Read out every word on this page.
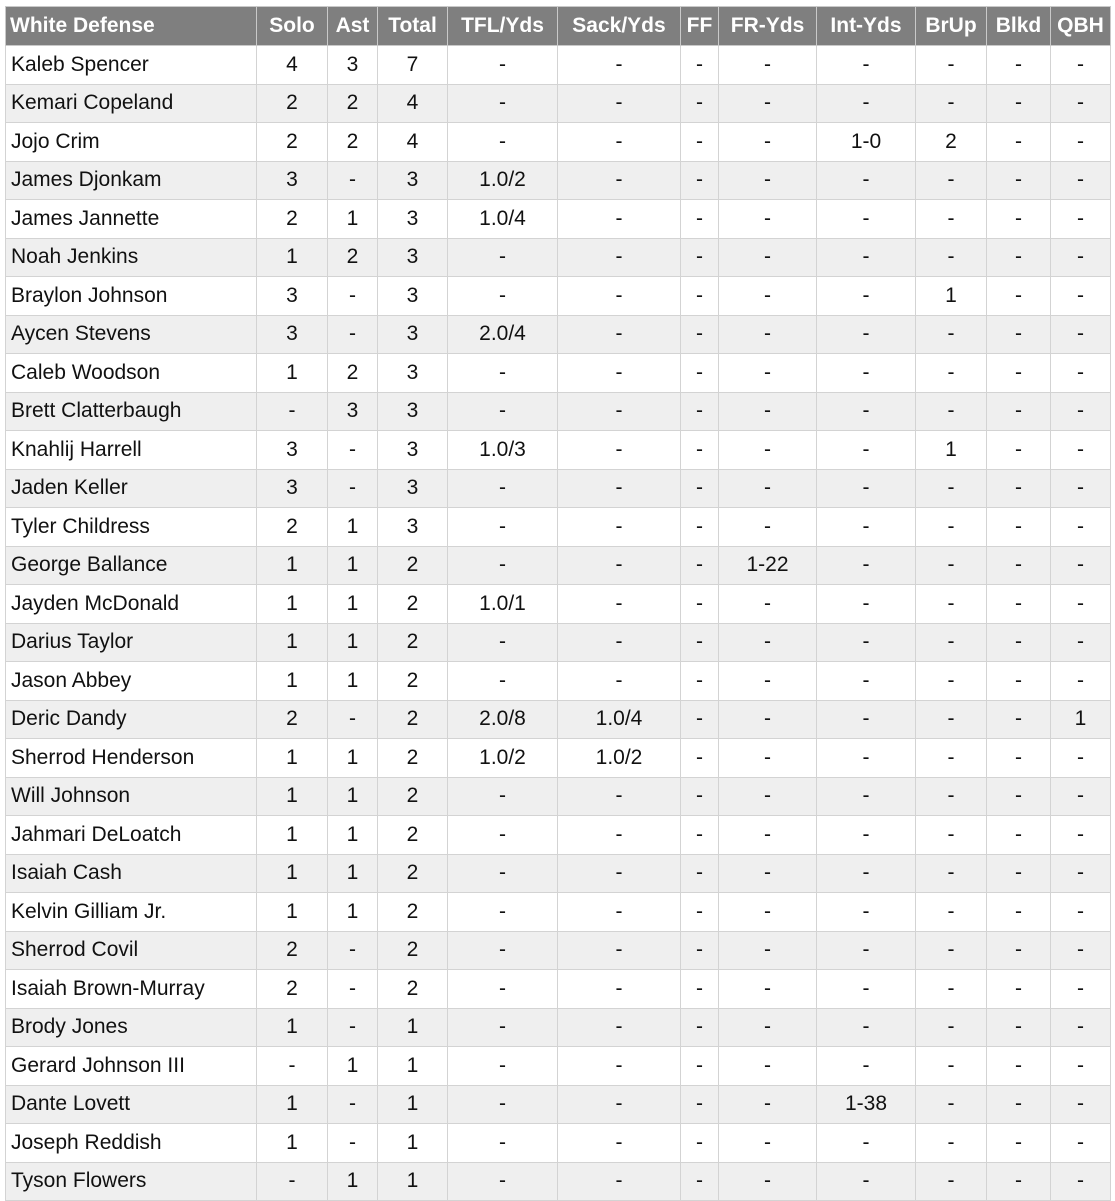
White Defense	Solo	Ast	Total	TFL/Yds	Sack/Yds	FF	FR-Yds	Int-Yds	BrUp	Blkd	QBH
Kaleb Spencer	4	3	7	-	-	-	-	-	-	-	-
Kemari Copeland	2	2	4	-	-	-	-	-	-	-	-
Jojo Crim	2	2	4	-	-	-	-	1-0	2	-	-
James Djonkam	3	-	3	1.0/2	-	-	-	-	-	-	-
James Jannette	2	1	3	1.0/4	-	-	-	-	-	-	-
Noah Jenkins	1	2	3	-	-	-	-	-	-	-	-
Braylon Johnson	3	-	3	-	-	-	-	-	1	-	-
Aycen Stevens	3	-	3	2.0/4	-	-	-	-	-	-	-
Caleb Woodson	1	2	3	-	-	-	-	-	-	-	-
Brett Clatterbaugh	-	3	3	-	-	-	-	-	-	-	-
Knahlij Harrell	3	-	3	1.0/3	-	-	-	-	1	-	-
Jaden Keller	3	-	3	-	-	-	-	-	-	-	-
Tyler Childress	2	1	3	-	-	-	-	-	-	-	-
George Ballance	1	1	2	-	-	-	1-22	-	-	-	-
Jayden McDonald	1	1	2	1.0/1	-	-	-	-	-	-	-
Darius Taylor	1	1	2	-	-	-	-	-	-	-	-
Jason Abbey	1	1	2	-	-	-	-	-	-	-	-
Deric Dandy	2	-	2	2.0/8	1.0/4	-	-	-	-	-	1
Sherrod Henderson	1	1	2	1.0/2	1.0/2	-	-	-	-	-	-
Will Johnson	1	1	2	-	-	-	-	-	-	-	-
Jahmari DeLoatch	1	1	2	-	-	-	-	-	-	-	-
Isaiah Cash	1	1	2	-	-	-	-	-	-	-	-
Kelvin Gilliam Jr.	1	1	2	-	-	-	-	-	-	-	-
Sherrod Covil	2	-	2	-	-	-	-	-	-	-	-
Isaiah Brown-Murray	2	-	2	-	-	-	-	-	-	-	-
Brody Jones	1	-	1	-	-	-	-	-	-	-	-
Gerard Johnson III	-	1	1	-	-	-	-	-	-	-	-
Dante Lovett	1	-	1	-	-	-	-	1-38	-	-	-
Joseph Reddish	1	-	1	-	-	-	-	-	-	-	-
Tyson Flowers	-	1	1	-	-	-	-	-	-	-	-
